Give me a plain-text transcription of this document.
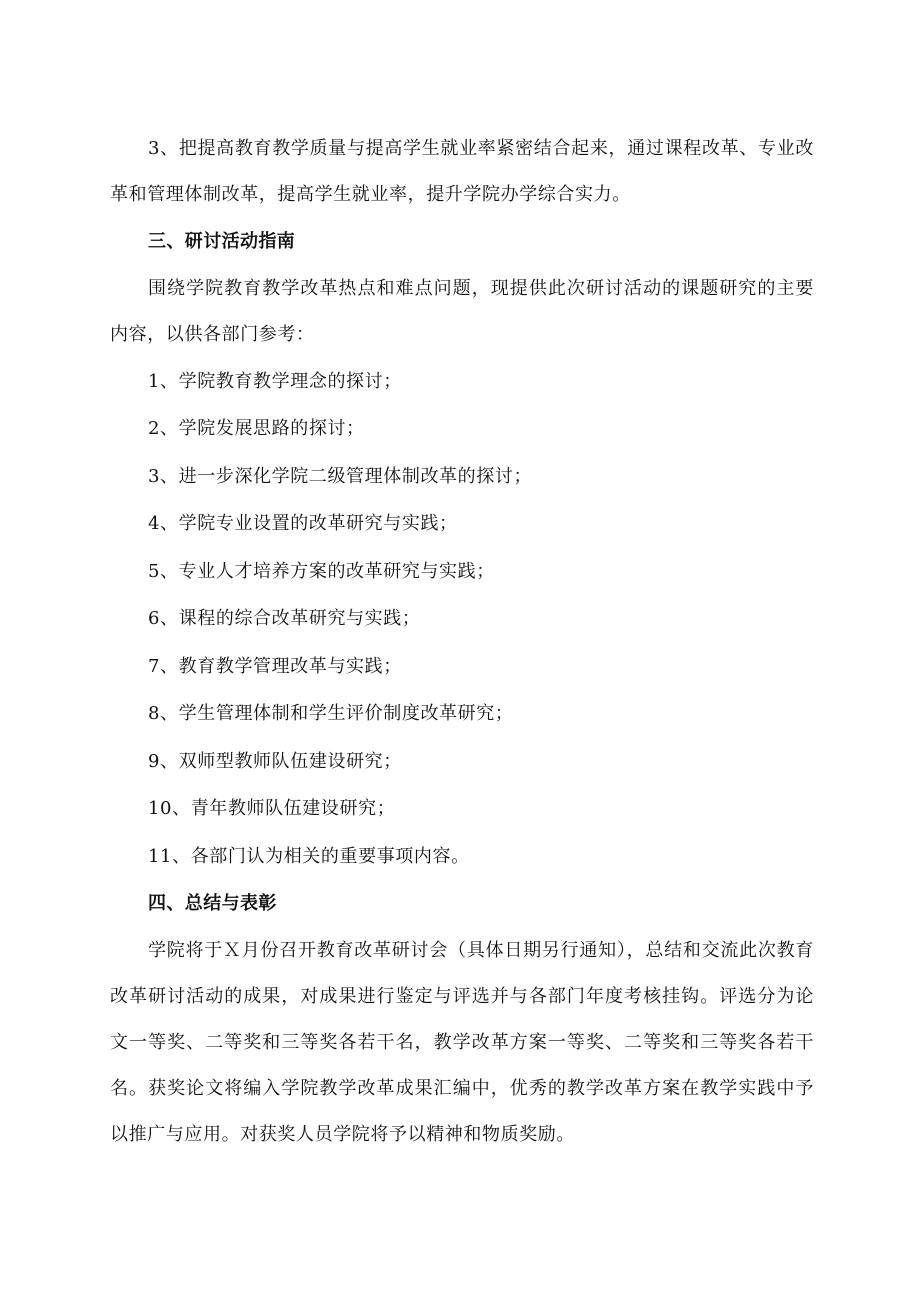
3、把提高教育教学质量与提高学生就业率紧密结合起来，通过课程改革、专业改革和管理体制改革，提高学生就业率，提升学院办学综合实力。

三、研讨活动指南

围绕学院教育教学改革热点和难点问题，现提供此次研讨活动的课题研究的主要内容，以供各部门参考：

1、学院教育教学理念的探讨；

2、学院发展思路的探讨；

3、进一步深化学院二级管理体制改革的探讨；

4、学院专业设置的改革研究与实践；

5、专业人才培养方案的改革研究与实践；

6、课程的综合改革研究与实践；

7、教育教学管理改革与实践；

8、学生管理体制和学生评价制度改革研究；

9、双师型教师队伍建设研究；

10、青年教师队伍建设研究；

11、各部门认为相关的重要事项内容。

四、总结与表彰

学院将于Ｘ月份召开教育改革研讨会（具体日期另行通知），总结和交流此次教育改革研讨活动的成果，对成果进行鉴定与评选并与各部门年度考核挂钩。评选分为论文一等奖、二等奖和三等奖各若干名，教学改革方案一等奖、二等奖和三等奖各若干名。获奖论文将编入学院教学改革成果汇编中，优秀的教学改革方案在教学实践中予以推广与应用。对获奖人员学院将予以精神和物质奖励。
